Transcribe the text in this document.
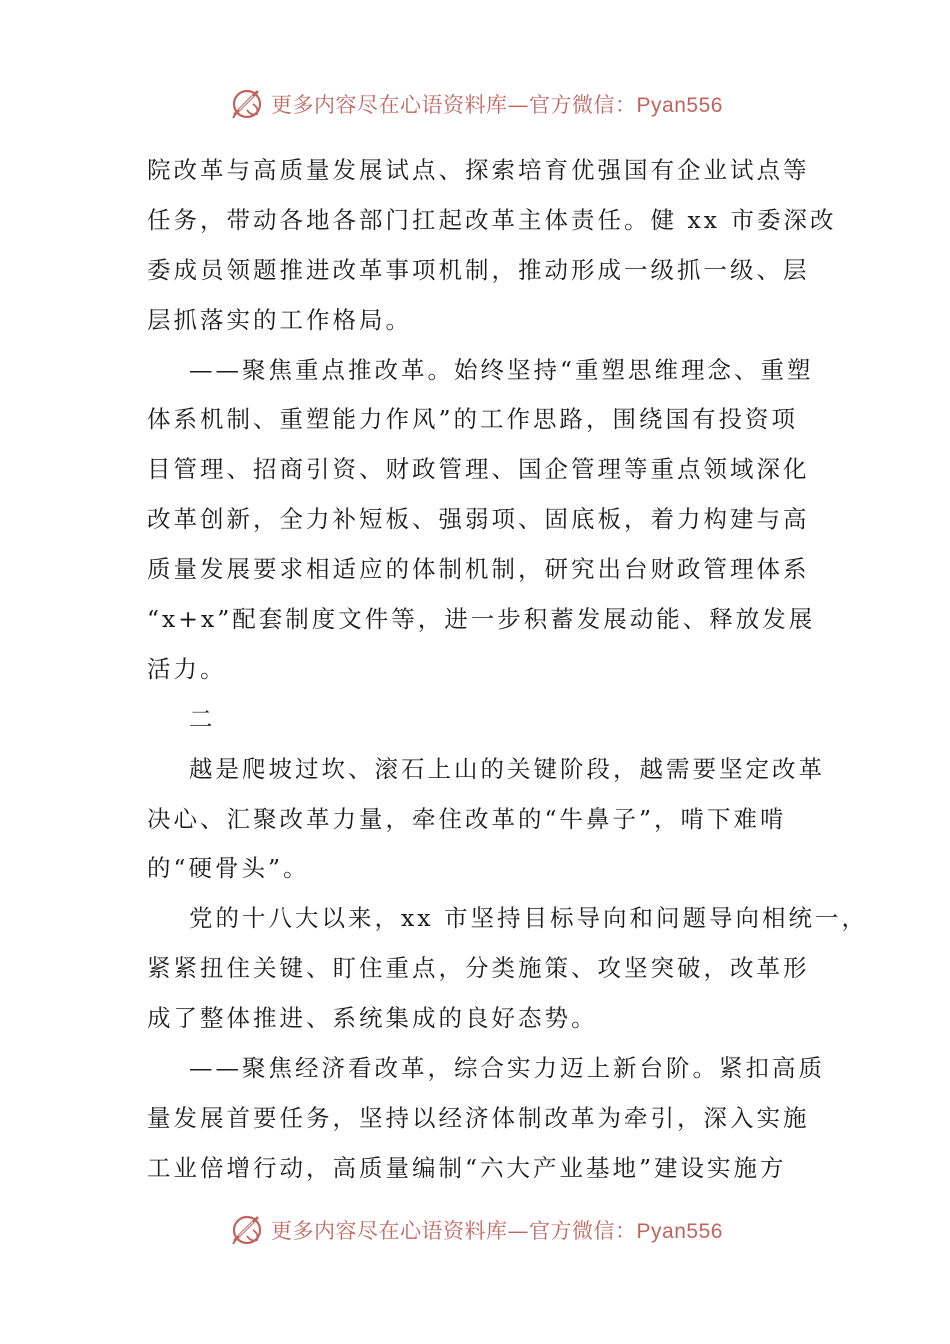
更多内容尽在心语资料库—官方微信：Pyan556
院改革与高质量发展试点、探索培育优强国有企业试点等
任务，带动各地各部门扛起改革主体责任。健 xx 市委深改
委成员领题推进改革事项机制，推动形成一级抓一级、层
层抓落实的工作格局。
——聚焦重点推改革。始终坚持“重塑思维理念、重塑
体系机制、重塑能力作风”的工作思路，围绕国有投资项
目管理、招商引资、财政管理、国企管理等重点领域深化
改革创新，全力补短板、强弱项、固底板，着力构建与高
质量发展要求相适应的体制机制，研究出台财政管理体系
“x+x”配套制度文件等，进一步积蓄发展动能、释放发展
活力。
二
越是爬坡过坎、滚石上山的关键阶段，越需要坚定改革
决心、汇聚改革力量，牵住改革的“牛鼻子”，啃下难啃
的“硬骨头”。
党的十八大以来，xx 市坚持目标导向和问题导向相统一，
紧紧扭住关键、盯住重点，分类施策、攻坚突破，改革形
成了整体推进、系统集成的良好态势。
——聚焦经济看改革，综合实力迈上新台阶。紧扣高质
量发展首要任务，坚持以经济体制改革为牵引，深入实施
工业倍增行动，高质量编制“六大产业基地”建设实施方
更多内容尽在心语资料库—官方微信：Pyan556
